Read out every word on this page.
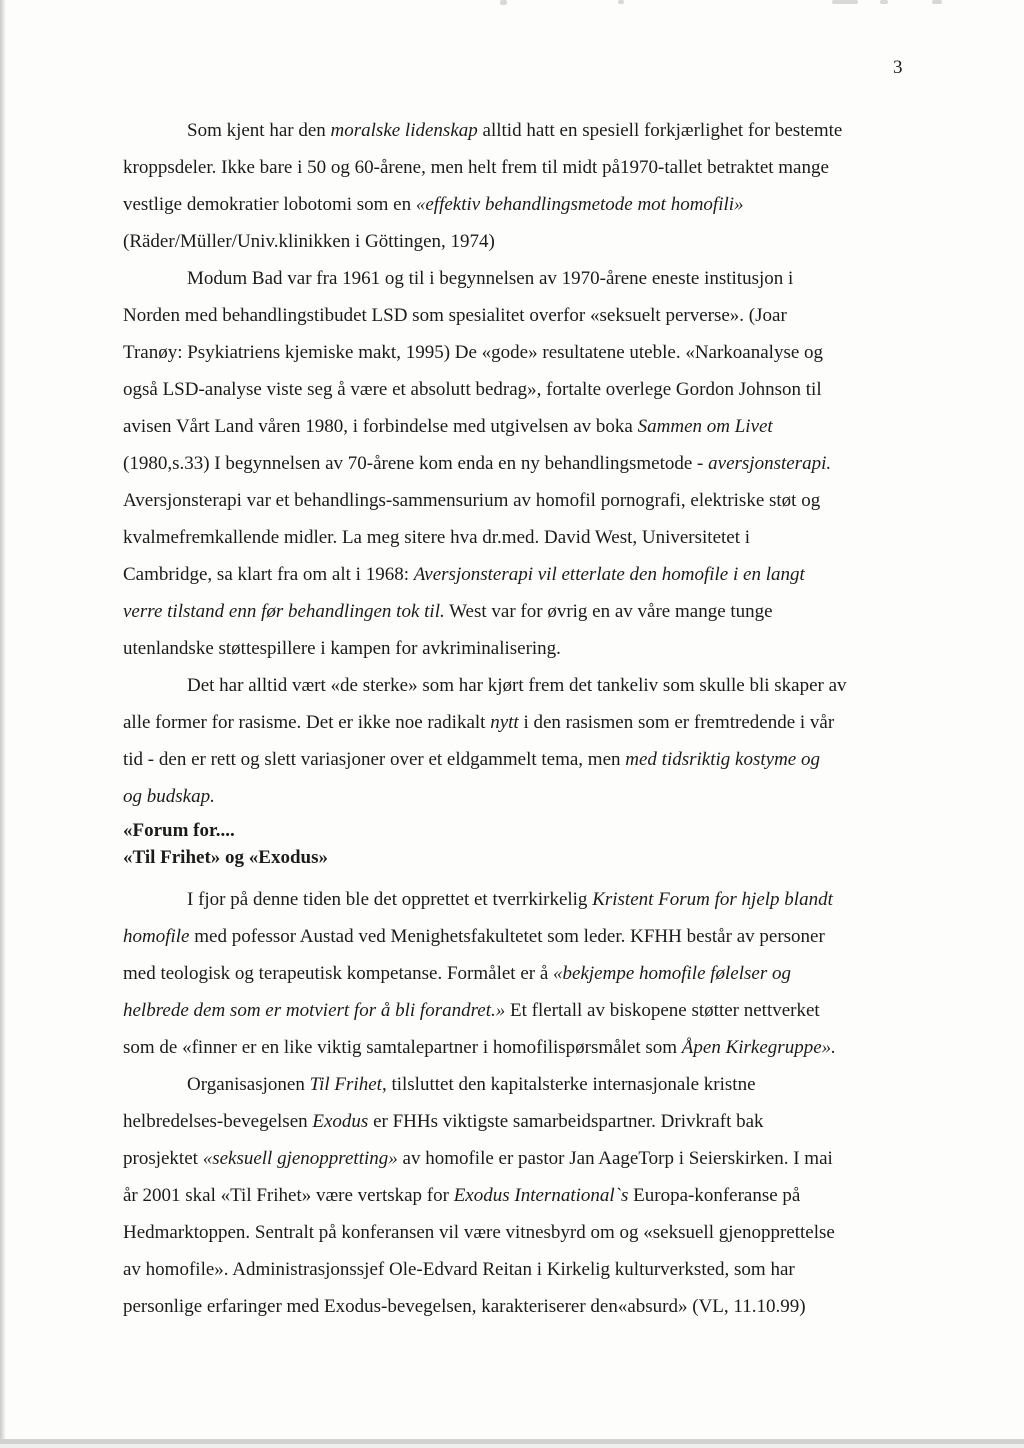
3
Som kjent har den moralske lidenskap alltid hatt en spesiell forkjærlighet for bestemte
kroppsdeler. Ikke bare i 50 og 60-årene, men helt frem til midt på1970-tallet betraktet mange
vestlige demokratier lobotomi som en «effektiv behandlingsmetode mot homofili»
(Räder/Müller/Univ.klinikken i Göttingen, 1974)
Modum Bad var fra 1961 og til i begynnelsen av 1970-årene eneste institusjon i
Norden med behandlingstibudet LSD som spesialitet overfor «seksuelt perverse». (Joar
Tranøy: Psykiatriens kjemiske makt, 1995) De «gode» resultatene uteble. «Narkoanalyse og
også LSD-analyse viste seg å være et absolutt bedrag», fortalte overlege Gordon Johnson til
avisen Vårt Land våren 1980, i forbindelse med utgivelsen av boka Sammen om Livet
(1980,s.33) I begynnelsen av 70-årene kom enda en ny behandlingsmetode - aversjonsterapi.
Aversjonsterapi var et behandlings-sammensurium av homofil pornografi, elektriske støt og
kvalmefremkallende midler. La meg sitere hva dr.med. David West, Universitetet i
Cambridge, sa klart fra om alt i 1968: Aversjonsterapi vil etterlate den homofile i en langt
verre tilstand enn før behandlingen tok til. West var for øvrig en av våre mange tunge
utenlandske støttespillere i kampen for avkriminalisering.
Det har alltid vært «de sterke» som har kjørt frem det tankeliv som skulle bli skaper av
alle former for rasisme. Det er ikke noe radikalt nytt i den rasismen som er fremtredende i vår
tid - den er rett og slett variasjoner over et eldgammelt tema, men med tidsriktig kostyme og
og budskap.
«Forum for....
«Til Frihet» og «Exodus»
I fjor på denne tiden ble det opprettet et tverrkirkelig Kristent Forum for hjelp blandt
homofile med pofessor Austad ved Menighetsfakultetet som leder. KFHH består av personer
med teologisk og terapeutisk kompetanse. Formålet er å «bekjempe homofile følelser og
helbrede dem som er motviert for å bli forandret.» Et flertall av biskopene støtter nettverket
som de «finner er en like viktig samtalepartner i homofilispørsmålet som Åpen Kirkegruppe».
Organisasjonen Til Frihet, tilsluttet den kapitalsterke internasjonale kristne
helbredelses-bevegelsen Exodus er FHHs viktigste samarbeidspartner. Drivkraft bak
prosjektet «seksuell gjenoppretting» av homofile er pastor Jan AageTorp i Seierskirken. I mai
år 2001 skal «Til Frihet» være vertskap for Exodus International`s Europa-konferanse på
Hedmarktoppen. Sentralt på konferansen vil være vitnesbyrd om og «seksuell gjenopprettelse
av homofile». Administrasjonssjef Ole-Edvard Reitan i Kirkelig kulturverksted, som har
personlige erfaringer med Exodus-bevegelsen, karakteriserer den«absurd» (VL, 11.10.99)
